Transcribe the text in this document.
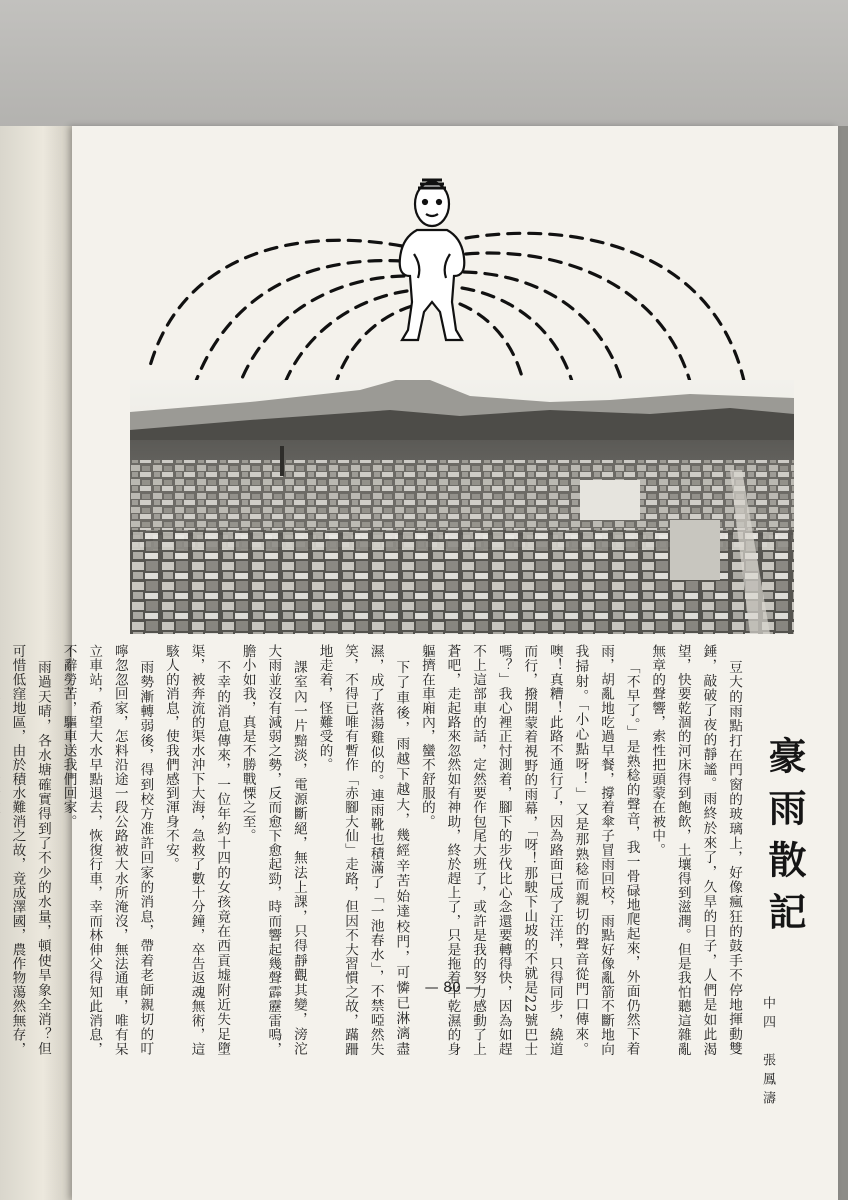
豪雨散記
中四　張鳳濤

豆大的雨點打在門窗的玻璃上，好像瘋狂的鼓手不停地揮動雙錘，敲破了夜的靜謐。雨終於來了，久旱的日子，人們是如此渴望，快要乾涸的河床得到飽飲，土壤得到滋潤。但是我怕聽這雜亂無章的聲響，索性把頭蒙在被中。

「不早了。」是熟稔的聲音，我一骨碌地爬起來，外面仍然下着雨，胡亂地吃過早餐，撐着傘子冒雨回校，雨點好像亂箭不斷地向我掃射。「小心點呀！」又是那熟稔而親切的聲音從門口傳來。噢！真糟！此路不通行了，因為路面已成了汪洋，只得同步，繞道而行，撥開蒙着視野的雨幕，「呀！那駛下山坡的不就是22號巴士嗎？」我心裡正忖測着，腳下的步伐比心念還要轉得快，因為如趕不上這部車的話，定然要作包尾大班了，或許是我的努力感動了上蒼吧，走起路來忽然如有神助，終於趕上了，只是拖着半乾濕的身軀擠在車廂內，蠻不舒服的。

下了車後，雨越下越大，幾經辛苦始達校門，可憐已淋漓盡濕，成了落湯雞似的。連雨靴也積滿了「一池春水」，不禁啞然失笑，不得已唯有暫作「赤腳大仙」走路，但因不大習慣之故，蹣跚地走着，怪難受的。

課室內一片黯淡，電源斷絕，無法上課，只得靜觀其變，滂沱大雨並沒有減弱之勢，反而愈下愈起勁，時而響起幾聲霹靂雷鳴，膽小如我，真是不勝戰慄之至。

不幸的消息傳來，一位年約十四的女孩竟在西貢墟附近失足墮渠，被奔流的渠水沖下大海，急救了數十分鐘，卒告返魂無術，這駭人的消息，使我們感到渾身不安。

雨勢漸轉弱後，得到校方准許回家的消息，帶着老師親切的叮嚀忽忽回家，怎料沿途一段公路被大水所淹沒，無法通車，唯有呆立車站，希望大水早點退去，恢復行車，幸而林伸父得知此消息，不辭勞苦，驅車送我們回家。

雨過天晴，各水塘確實得到了不少的水量，頓使旱象全消？但可惜低窪地區，由於積水難消之故，竟成澤國，農作物蕩然無存，

— 80 —
